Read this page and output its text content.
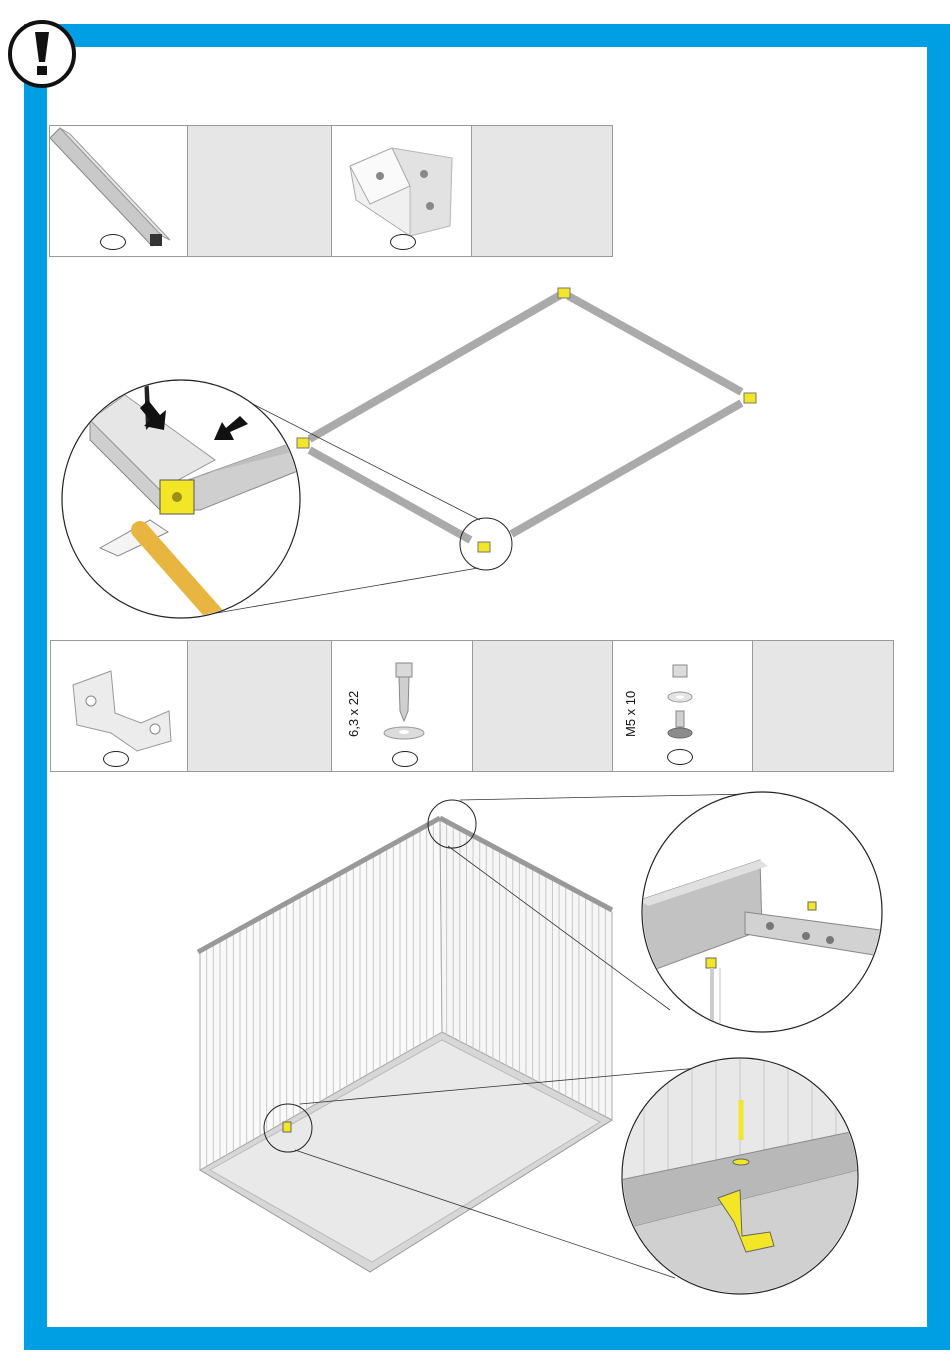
6,3 x 22	M5 x 10
